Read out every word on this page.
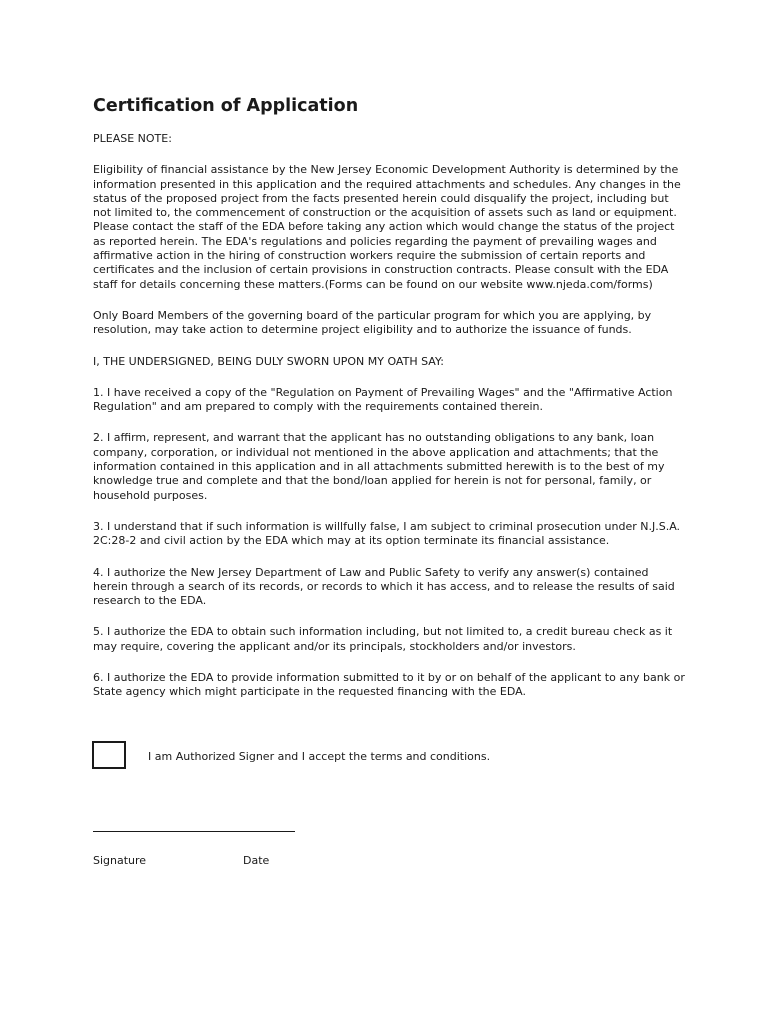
Certification of Application
PLEASE NOTE:
Eligibility of financial assistance by the New Jersey Economic Development Authority is determined by the information presented in this application and the required attachments and schedules. Any changes in the status of the proposed project from the facts presented herein could disqualify the project, including but not limited to, the commencement of construction or the acquisition of assets such as land or equipment. Please contact the staff of the EDA before taking any action which would change the status of the project as reported herein. The EDA's regulations and policies regarding the payment of prevailing wages and affirmative action in the hiring of construction workers require the submission of certain reports and certificates and the inclusion of certain provisions in construction contracts. Please consult with the EDA staff for details concerning these matters.(Forms can be found on our website www.njeda.com/forms)
Only Board Members of the governing board of the particular program for which you are applying, by resolution, may take action to determine project eligibility and to authorize the issuance of funds.
I, THE UNDERSIGNED, BEING DULY SWORN UPON MY OATH SAY:
1. I have received a copy of the "Regulation on Payment of Prevailing Wages" and the "Affirmative Action Regulation" and am prepared to comply with the requirements contained therein.
2. I affirm, represent, and warrant that the applicant has no outstanding obligations to any bank, loan company, corporation, or individual not mentioned in the above application and attachments; that the information contained in this application and in all attachments submitted herewith is to the best of my knowledge true and complete and that the bond/loan applied for herein is not for personal, family, or household purposes.
3. I understand that if such information is willfully false, I am subject to criminal prosecution under N.J.S.A. 2C:28-2 and civil action by the EDA which may at its option terminate its financial assistance.
4. I authorize the New Jersey Department of Law and Public Safety to verify any answer(s) contained herein through a search of its records, or records to which it has access, and to release the results of said research to the EDA.
5. I authorize the EDA to obtain such information including, but not limited to, a credit bureau check as it may require, covering the applicant and/or its principals, stockholders and/or investors.
6. I authorize the EDA to provide information submitted to it by or on behalf of the applicant to any bank or State agency which might participate in the requested financing with the EDA.
I am Authorized Signer and I accept the terms and conditions.
Signature	Date
